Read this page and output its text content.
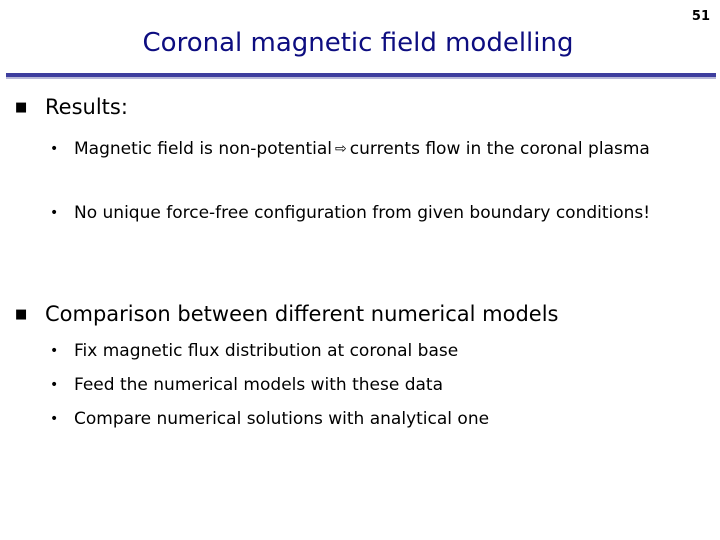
51
Coronal magnetic field modelling
■ Results:
• Magnetic field is non-potential ⇨ currents flow in the coronal plasma
• No unique force-free configuration from given boundary conditions!
■ Comparison between different numerical models
• Fix magnetic flux distribution at coronal base
• Feed the numerical models with these data
• Compare numerical solutions with analytical one
